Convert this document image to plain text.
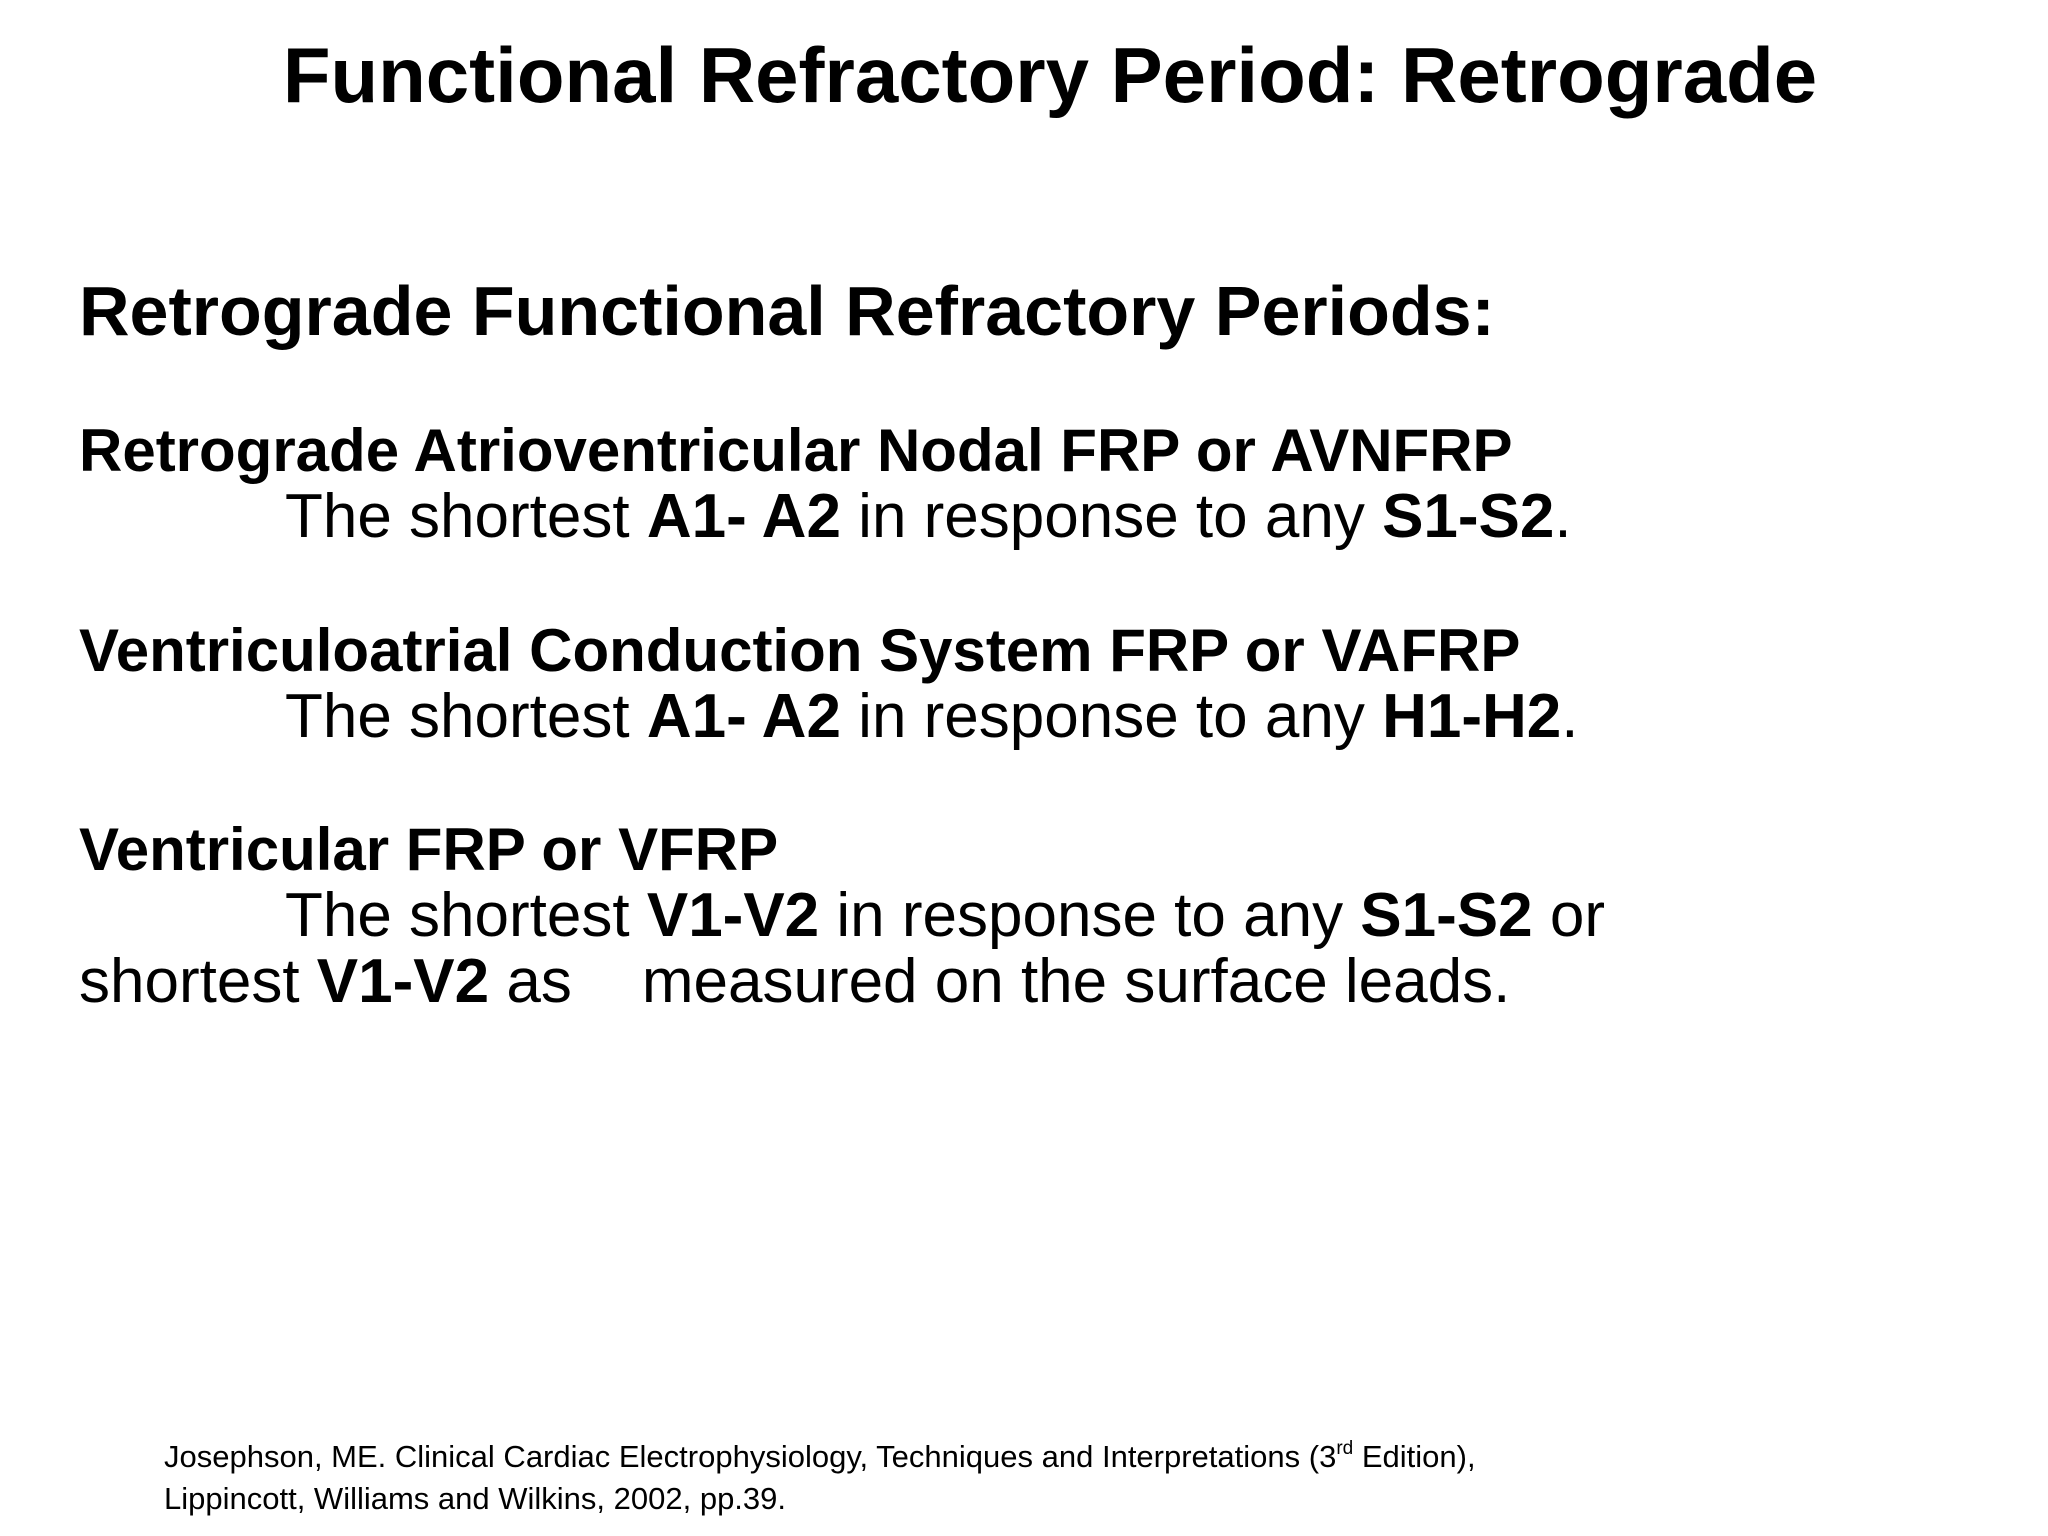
Functional Refractory Period: Retrograde
Retrograde Functional Refractory Periods:
Retrograde Atrioventricular Nodal FRP or AVNFRP
The shortest A1- A2 in response to any S1-S2.
Ventriculoatrial Conduction System FRP or VAFRP
The shortest A1- A2 in response to any H1-H2.
Ventricular FRP or VFRP
The shortest V1-V2 in response to any S1-S2 or
shortest V1-V2 as measured on the surface leads.
Josephson, ME. Clinical Cardiac Electrophysiology, Techniques and Interpretations (3rd Edition),
Lippincott, Williams and Wilkins, 2002, pp.39.
